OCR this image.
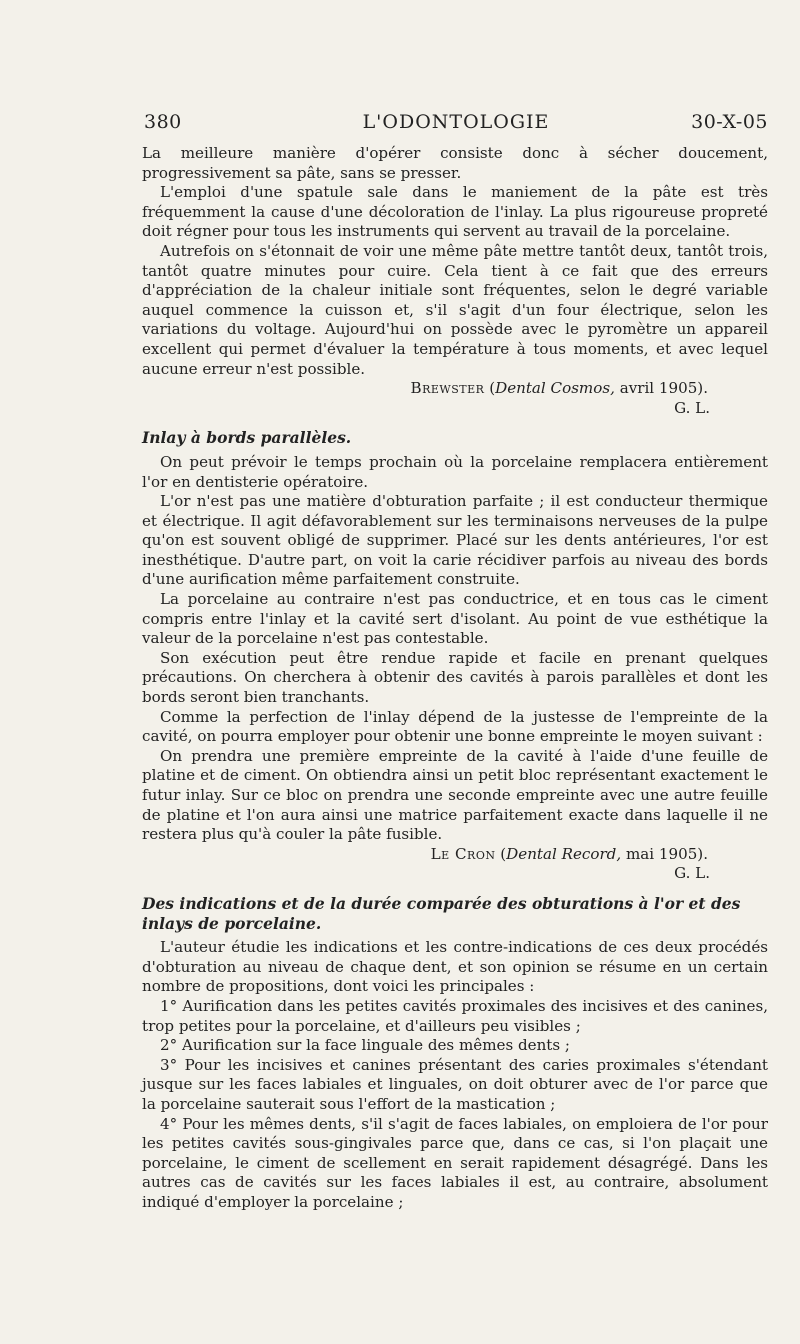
380	L'ODONTOLOGIE	30-X-05

La meilleure manière d'opérer consiste donc à sécher doucement, progressivement sa pâte, sans se presser.

L'emploi d'une spatule sale dans le maniement de la pâte est très fréquemment la cause d'une décoloration de l'inlay. La plus rigoureuse propreté doit régner pour tous les instruments qui servent au travail de la porcelaine.

Autrefois on s'étonnait de voir une même pâte mettre tantôt deux, tantôt trois, tantôt quatre minutes pour cuire. Cela tient à ce fait que des erreurs d'appréciation de la chaleur initiale sont fréquentes, selon le degré variable auquel commence la cuisson et, s'il s'agit d'un four électrique, selon les variations du voltage. Aujourd'hui on possède avec le pyromètre un appareil excellent qui permet d'évaluer la température à tous moments, et avec lequel aucune erreur n'est possible.

Brewster (Dental Cosmos, avril 1905).

G. L.

Inlay à bords parallèles.

On peut prévoir le temps prochain où la porcelaine remplacera entièrement l'or en dentisterie opératoire.

L'or n'est pas une matière d'obturation parfaite ; il est conducteur thermique et électrique. Il agit défavorablement sur les terminaisons nerveuses de la pulpe qu'on est souvent obligé de supprimer. Placé sur les dents antérieures, l'or est inesthétique. D'autre part, on voit la carie récidiver parfois au niveau des bords d'une aurification même parfaitement construite.

La porcelaine au contraire n'est pas conductrice, et en tous cas le ciment compris entre l'inlay et la cavité sert d'isolant. Au point de vue esthétique la valeur de la porcelaine n'est pas contestable.

Son exécution peut être rendue rapide et facile en prenant quelques précautions. On cherchera à obtenir des cavités à parois parallèles et dont les bords seront bien tranchants.

Comme la perfection de l'inlay dépend de la justesse de l'empreinte de la cavité, on pourra employer pour obtenir une bonne empreinte le moyen suivant :

On prendra une première empreinte de la cavité à l'aide d'une feuille de platine et de ciment. On obtiendra ainsi un petit bloc représentant exactement le futur inlay. Sur ce bloc on prendra une seconde empreinte avec une autre feuille de platine et l'on aura ainsi une matrice parfaitement exacte dans laquelle il ne restera plus qu'à couler la pâte fusible.

Le Cron (Dental Record, mai 1905).

G. L.

Des indications et de la durée comparée des obturations à l'or et des
inlays de porcelaine.

L'auteur étudie les indications et les contre-indications de ces deux procédés d'obturation au niveau de chaque dent, et son opinion se résume en un certain nombre de propositions, dont voici les principales :

1° Aurification dans les petites cavités proximales des incisives et des canines, trop petites pour la porcelaine, et d'ailleurs peu visibles ;

2° Aurification sur la face linguale des mêmes dents ;

3° Pour les incisives et canines présentant des caries proximales s'étendant jusque sur les faces labiales et linguales, on doit obturer avec de l'or parce que la porcelaine sauterait sous l'effort de la mastication ;

4° Pour les mêmes dents, s'il s'agit de faces labiales, on emploiera de l'or pour les petites cavités sous-gingivales parce que, dans ce cas, si l'on plaçait une porcelaine, le ciment de scellement en serait rapidement désagrégé. Dans les autres cas de cavités sur les faces labiales il est, au contraire, absolument indiqué d'employer la porcelaine ;
